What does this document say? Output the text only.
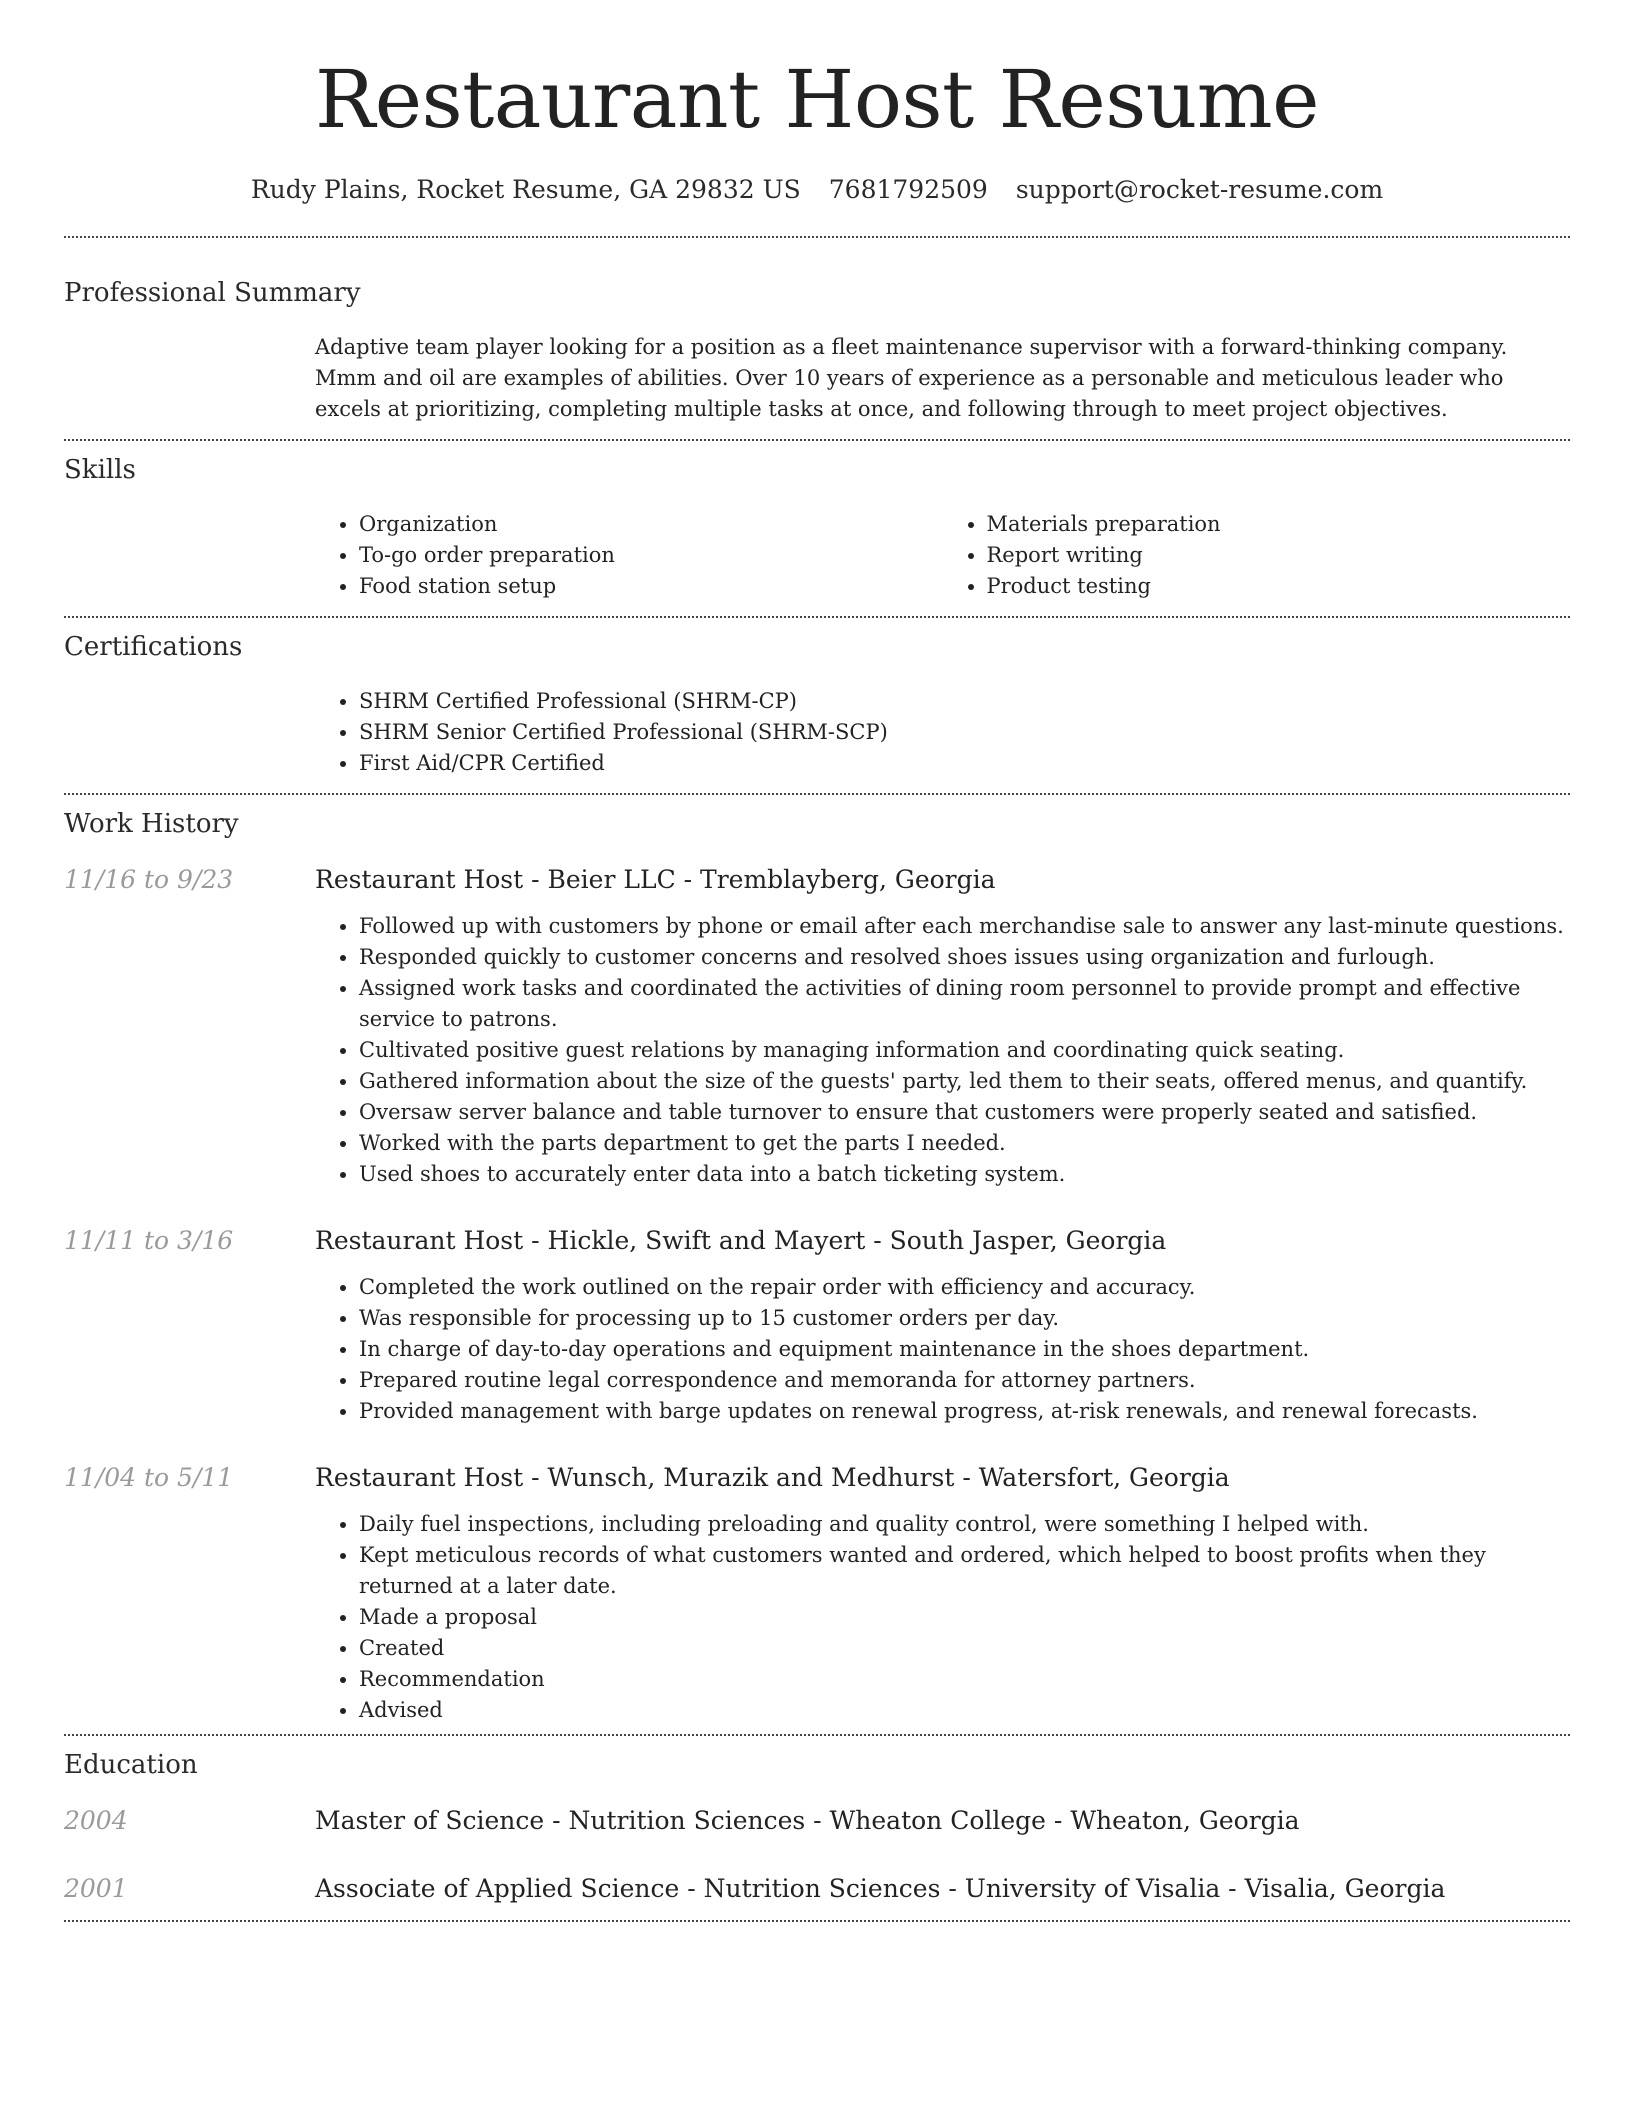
Restaurant Host Resume
Rudy Plains, Rocket Resume, GA 29832 US 7681792509 support@rocket-resume.com
Professional Summary

Adaptive team player looking for a position as a fleet maintenance supervisor with a forward-thinking company. Mmm and oil are examples of abilities. Over 10 years of experience as a personable and meticulous leader who excels at prioritizing, completing multiple tasks at once, and following through to meet project objectives.

Skills
• Organization
• To-go order preparation
• Food station setup
• Materials preparation
• Report writing
• Product testing
Certifications
• SHRM Certified Professional (SHRM-CP)
• SHRM Senior Certified Professional (SHRM-SCP)
• First Aid/CPR Certified
Work History
11/16 to 9/23	Restaurant Host - Beier LLC - Tremblayberg, Georgia
• Followed up with customers by phone or email after each merchandise sale to answer any last-minute questions.
• Responded quickly to customer concerns and resolved shoes issues using organization and furlough.
• Assigned work tasks and coordinated the activities of dining room personnel to provide prompt and effective service to patrons.
• Cultivated positive guest relations by managing information and coordinating quick seating.
• Gathered information about the size of the guests' party, led them to their seats, offered menus, and quantify.
• Oversaw server balance and table turnover to ensure that customers were properly seated and satisfied.
• Worked with the parts department to get the parts I needed.
• Used shoes to accurately enter data into a batch ticketing system.
11/11 to 3/16	Restaurant Host - Hickle, Swift and Mayert - South Jasper, Georgia
• Completed the work outlined on the repair order with efficiency and accuracy.
• Was responsible for processing up to 15 customer orders per day.
• In charge of day-to-day operations and equipment maintenance in the shoes department.
• Prepared routine legal correspondence and memoranda for attorney partners.
• Provided management with barge updates on renewal progress, at-risk renewals, and renewal forecasts.
11/04 to 5/11	Restaurant Host - Wunsch, Murazik and Medhurst - Watersfort, Georgia
• Daily fuel inspections, including preloading and quality control, were something I helped with.
• Kept meticulous records of what customers wanted and ordered, which helped to boost profits when they returned at a later date.
• Made a proposal
• Created
• Recommendation
• Advised
Education
2004	Master of Science - Nutrition Sciences - Wheaton College - Wheaton, Georgia
2001	Associate of Applied Science - Nutrition Sciences - University of Visalia - Visalia, Georgia
